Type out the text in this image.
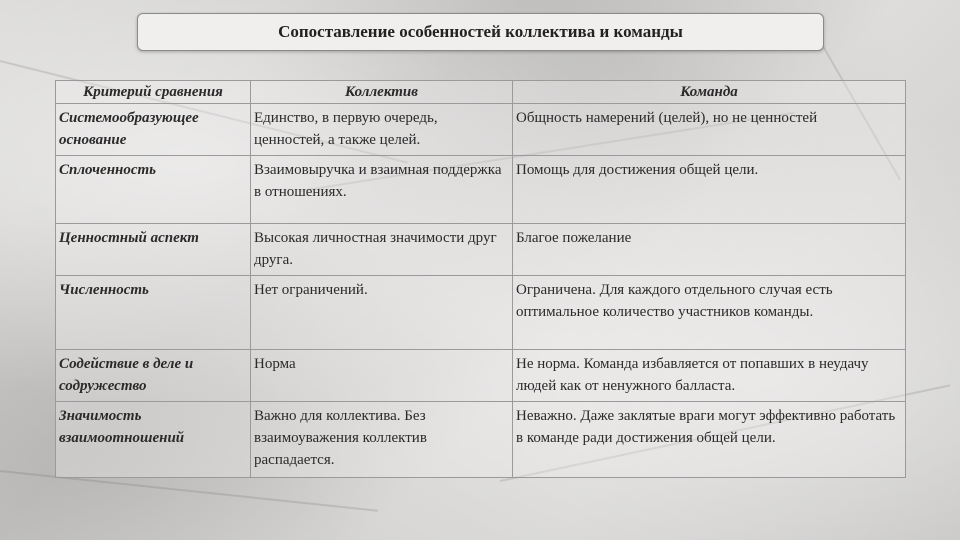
Сопоставление особенностей коллектива и команды
Критерий сравнения	Коллектив	Команда
Системообразующее основание	Единство, в первую очередь, ценностей, а также целей.	Общность намерений (целей), но не ценностей
Сплоченность	Взаимовыручка и взаимная поддержка в отношениях.	Помощь для достижения общей цели.
Ценностный аспект	Высокая личностная значимости друг друга.	Благое пожелание
Численность	Нет ограничений.	Ограничена. Для каждого отдельного случая есть оптимальное количество участников команды.
Содействие в деле и содружество	Норма	Не норма. Команда избавляется от попавших в неудачу людей как от ненужного балласта.
Значимость взаимоотношений	Важно для коллектива. Без взаимоуважения коллектив распадается.	Неважно. Даже заклятые враги могут эффективно работать в команде ради достижения общей цели.
